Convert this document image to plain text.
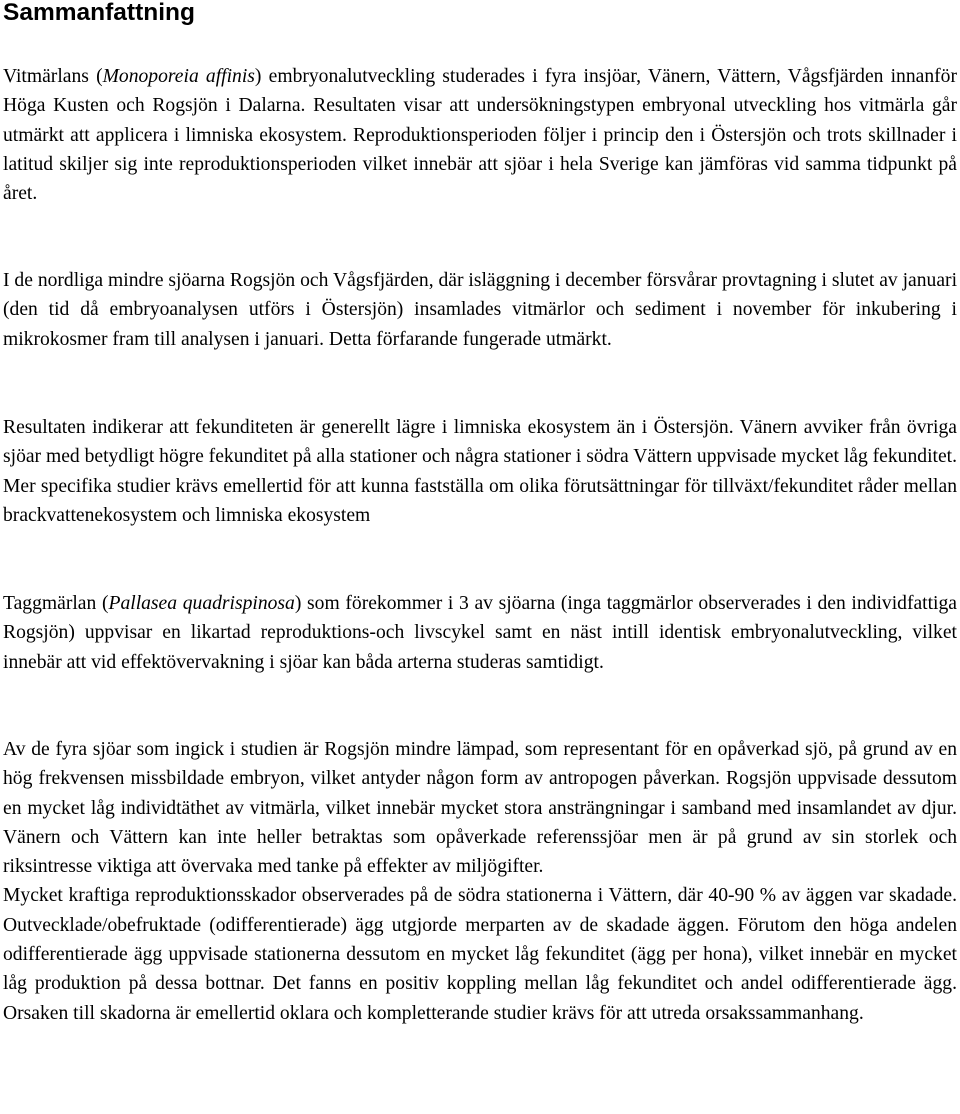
Sammanfattning

Vitmärlans (Monoporeia affinis) embryonalutveckling studerades i fyra insjöar, Vänern, Vättern, Vågsfjärden innanför Höga Kusten och Rogsjön i Dalarna. Resultaten visar att undersökningstypen embryonal utveckling hos vitmärla går utmärkt att applicera i limniska ekosystem. Reproduktionsperioden följer i princip den i Östersjön och trots skillnader i latitud skiljer sig inte reproduktionsperioden vilket innebär att sjöar i hela Sverige kan jämföras vid samma tidpunkt på året.

I de nordliga mindre sjöarna Rogsjön och Vågsfjärden, där isläggning i december försvårar provtagning i slutet av januari (den tid då embryoanalysen utförs i Östersjön) insamlades vitmärlor och sediment i november för inkubering i mikrokosmer fram till analysen i januari. Detta förfarande fungerade utmärkt.

Resultaten indikerar att fekunditeten är generellt lägre i limniska ekosystem än i Östersjön. Vänern avviker från övriga sjöar med betydligt högre fekunditet på alla stationer och några stationer i södra Vättern uppvisade mycket låg fekunditet. Mer specifika studier krävs emellertid för att kunna fastställa om olika förutsättningar för tillväxt/fekunditet råder mellan brackvattenekosystem och limniska ekosystem

Taggmärlan (Pallasea quadrispinosa) som förekommer i 3 av sjöarna (inga taggmärlor observerades i den individfattiga Rogsjön) uppvisar en likartad reproduktions-och livscykel samt en näst intill identisk embryonalutveckling, vilket innebär att vid effektövervakning i sjöar kan båda arterna studeras samtidigt.

Av de fyra sjöar som ingick i studien är Rogsjön mindre lämpad, som representant för en opåverkad sjö, på grund av en hög frekvensen missbildade embryon, vilket antyder någon form av antropogen påverkan. Rogsjön uppvisade dessutom en mycket låg individtäthet av vitmärla, vilket innebär mycket stora ansträngningar i samband med insamlandet av djur. Vänern och Vättern kan inte heller betraktas som opåverkade referenssjöar men är på grund av sin storlek och riksintresse viktiga att övervaka med tanke på effekter av miljögifter.
Mycket kraftiga reproduktionsskador observerades på de södra stationerna i Vättern, där 40-90 % av äggen var skadade. Outvecklade/obefruktade (odifferentierade) ägg utgjorde merparten av de skadade äggen. Förutom den höga andelen odifferentierade ägg uppvisade stationerna dessutom en mycket låg fekunditet (ägg per hona), vilket innebär en mycket låg produktion på dessa bottnar. Det fanns en positiv koppling mellan låg fekunditet och andel odifferentierade ägg. Orsaken till skadorna är emellertid oklara och kompletterande studier krävs för att utreda orsakssammanhang.
